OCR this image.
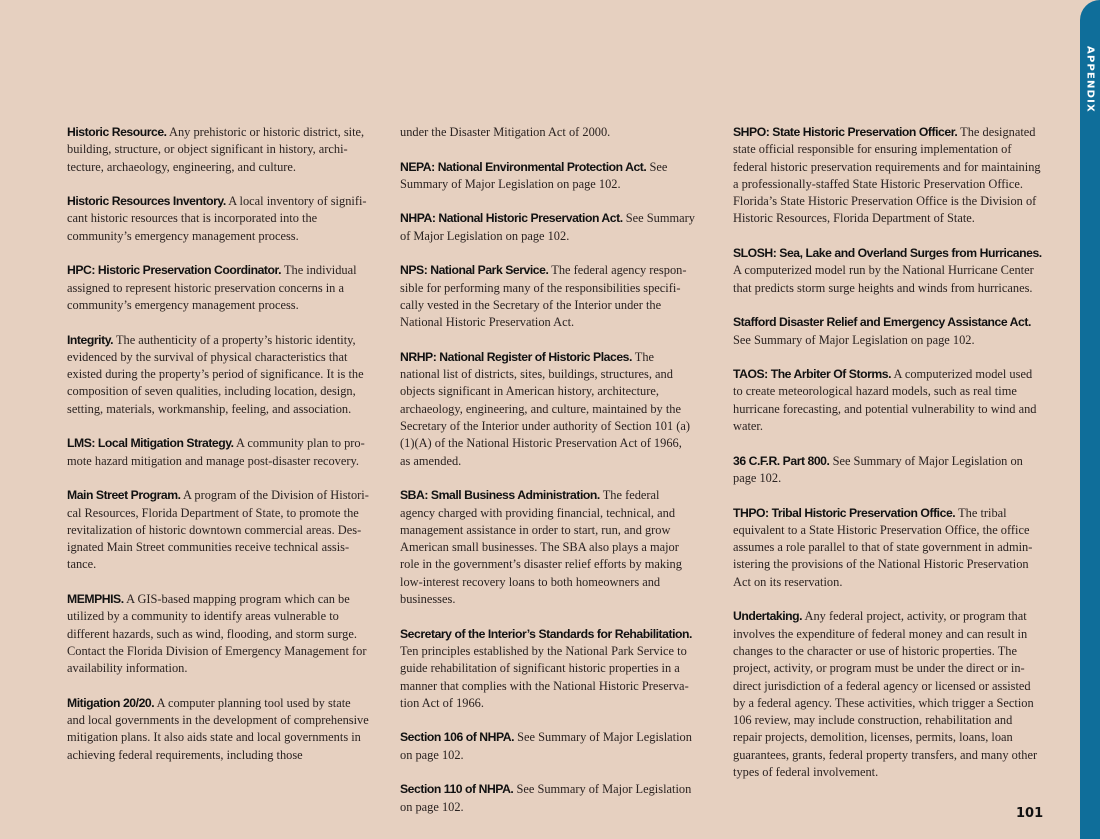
APPENDIX

Historic Resource. Any prehistoric or historic district, site, building, structure, or object significant in history, architecture, archaeology, engineering, and culture.

Historic Resources Inventory. A local inventory of significant historic resources that is incorporated into the community’s emergency management process.

HPC: Historic Preservation Coordinator. The individual assigned to represent historic preservation concerns in a community’s emergency management process.

Integrity. The authenticity of a property’s historic identity, evidenced by the survival of physical characteristics that existed during the property’s period of significance. It is the composition of seven qualities, including location, design, setting, materials, workmanship, feeling, and association.

LMS: Local Mitigation Strategy. A community plan to promote hazard mitigation and manage post-disaster recovery.

Main Street Program. A program of the Division of Historical Resources, Florida Department of State, to promote the revitalization of historic downtown commercial areas. Designated Main Street communities receive technical assistance.

MEMPHIS. A GIS-based mapping program which can be utilized by a community to identify areas vulnerable to different hazards, such as wind, flooding, and storm surge. Contact the Florida Division of Emergency Management for availability information.

Mitigation 20/20. A computer planning tool used by state and local governments in the development of comprehensive mitigation plans. It also aids state and local governments in achieving federal requirements, including those

under the Disaster Mitigation Act of 2000.

NEPA: National Environmental Protection Act. See Summary of Major Legislation on page 102.

NHPA: National Historic Preservation Act. See Summary of Major Legislation on page 102.

NPS: National Park Service. The federal agency responsible for performing many of the responsibilities specifically vested in the Secretary of the Interior under the National Historic Preservation Act.

NRHP: National Register of Historic Places. The national list of districts, sites, buildings, structures, and objects significant in American history, architecture, archaeology, engineering, and culture, maintained by the Secretary of the Interior under authority of Section 101 (a)(1)(A) of the National Historic Preservation Act of 1966, as amended.

SBA: Small Business Administration. The federal agency charged with providing financial, technical, and management assistance in order to start, run, and grow American small businesses. The SBA also plays a major role in the government’s disaster relief efforts by making low-interest recovery loans to both homeowners and businesses.

Secretary of the Interior’s Standards for Rehabilitation. Ten principles established by the National Park Service to guide rehabilitation of significant historic properties in a manner that complies with the National Historic Preservation Act of 1966.

Section 106 of NHPA. See Summary of Major Legislation on page 102.

Section 110 of NHPA. See Summary of Major Legislation on page 102.

SHPO: State Historic Preservation Officer. The designated state official responsible for ensuring implementation of federal historic preservation requirements and for maintaining a professionally-staffed State Historic Preservation Office. Florida’s State Historic Preservation Office is the Division of Historic Resources, Florida Department of State.

SLOSH: Sea, Lake and Overland Surges from Hurricanes. A computerized model run by the National Hurricane Center that predicts storm surge heights and winds from hurricanes.

Stafford Disaster Relief and Emergency Assistance Act. See Summary of Major Legislation on page 102.

TAOS: The Arbiter Of Storms. A computerized model used to create meteorological hazard models, such as real time hurricane forecasting, and potential vulnerability to wind and water.

36 C.F.R. Part 800. See Summary of Major Legislation on page 102.

THPO: Tribal Historic Preservation Office. The tribal equivalent to a State Historic Preservation Office, the office assumes a role parallel to that of state government in administering the provisions of the National Historic Preservation Act on its reservation.

Undertaking. Any federal project, activity, or program that involves the expenditure of federal money and can result in changes to the character or use of historic properties. The project, activity, or program must be under the direct or indirect jurisdiction of a federal agency or licensed or assisted by a federal agency. These activities, which trigger a Section 106 review, may include construction, rehabilitation and repair projects, demolition, licenses, permits, loans, loan guarantees, grants, federal property transfers, and many other types of federal involvement.

101
